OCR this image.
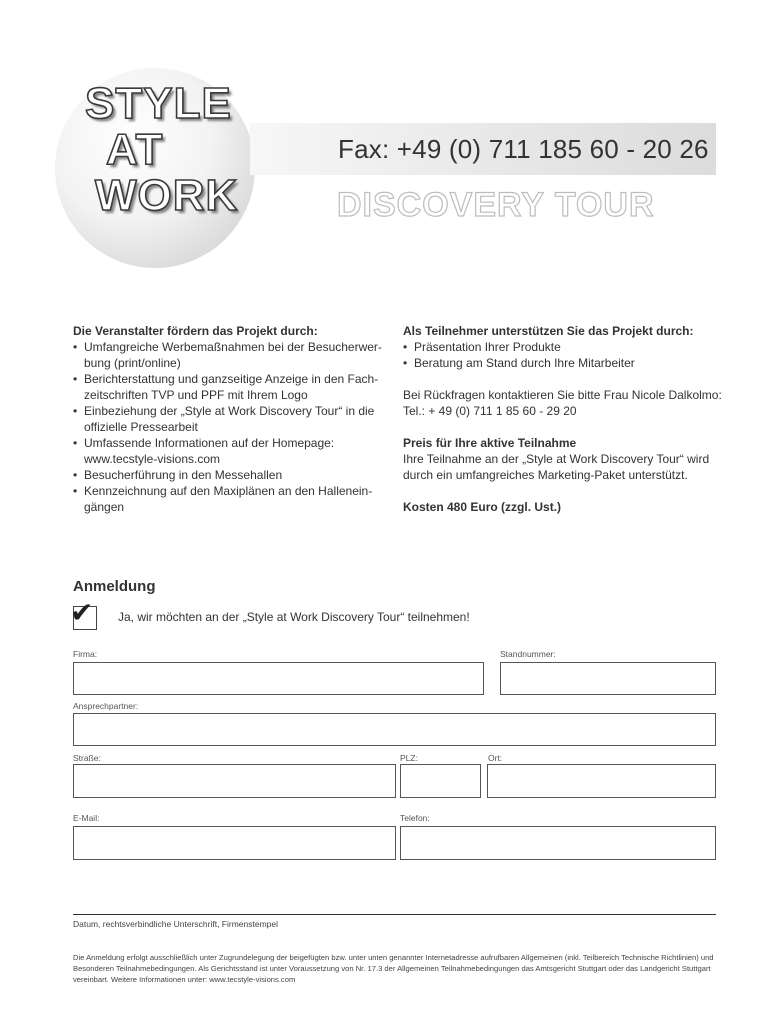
STYLE
AT
WORK
Fax: +49 (0) 711 185 60 - 20 26
DISCOVERY TOUR
Die Veranstalter fördern das Projekt durch:
• Umfangreiche Werbemaßnahmen bei der Besucherwer-bung (print/online)
• Berichterstattung und ganzseitige Anzeige in den Fach-zeitschriften TVP und PPF mit Ihrem Logo
• Einbeziehung der „Style at Work Discovery Tour“ in die offizielle Pressearbeit
• Umfassende Informationen auf der Homepage: www.tecstyle-visions.com
• Besucherführung in den Messehallen
• Kennzeichnung auf den Maxiplänen an den Hallenein-gängen
Als Teilnehmer unterstützen Sie das Projekt durch:
• Präsentation Ihrer Produkte
• Beratung am Stand durch Ihre Mitarbeiter
Bei Rückfragen kontaktieren Sie bitte Frau Nicole Dalkolmo:
Tel.: + 49 (0) 711 1 85 60 - 29 20
Preis für Ihre aktive Teilnahme
Ihre Teilnahme an der „Style at Work Discovery Tour“ wird durch ein umfangreiches Marketing-Paket unterstützt.
Kosten 480 Euro (zzgl. Ust.)
Anmeldung
✔ Ja, wir möchten an der „Style at Work Discovery Tour“ teilnehmen!
Firma:	Standnummer:
Ansprechpartner:
Straße:	PLZ:	Ort:
E-Mail:	Telefon:
Datum, rechtsverbindliche Unterschrift, Firmenstempel
Die Anmeldung erfolgt ausschließlich unter Zugrundelegung der beigefügten bzw. unter unten genannter Internetadresse aufrufbaren Allgemeinen (inkl. Teilbereich Technische Richtlinien) und Besonderen Teilnahmebedingungen. Als Gerichtsstand ist unter Voraussetzung von Nr. 17.3 der Allgemeinen Teilnahmebedingungen das Amtsgericht Stuttgart oder das Landgericht Stuttgart vereinbart. Weitere Informationen unter: www.tecstyle-visions.com
